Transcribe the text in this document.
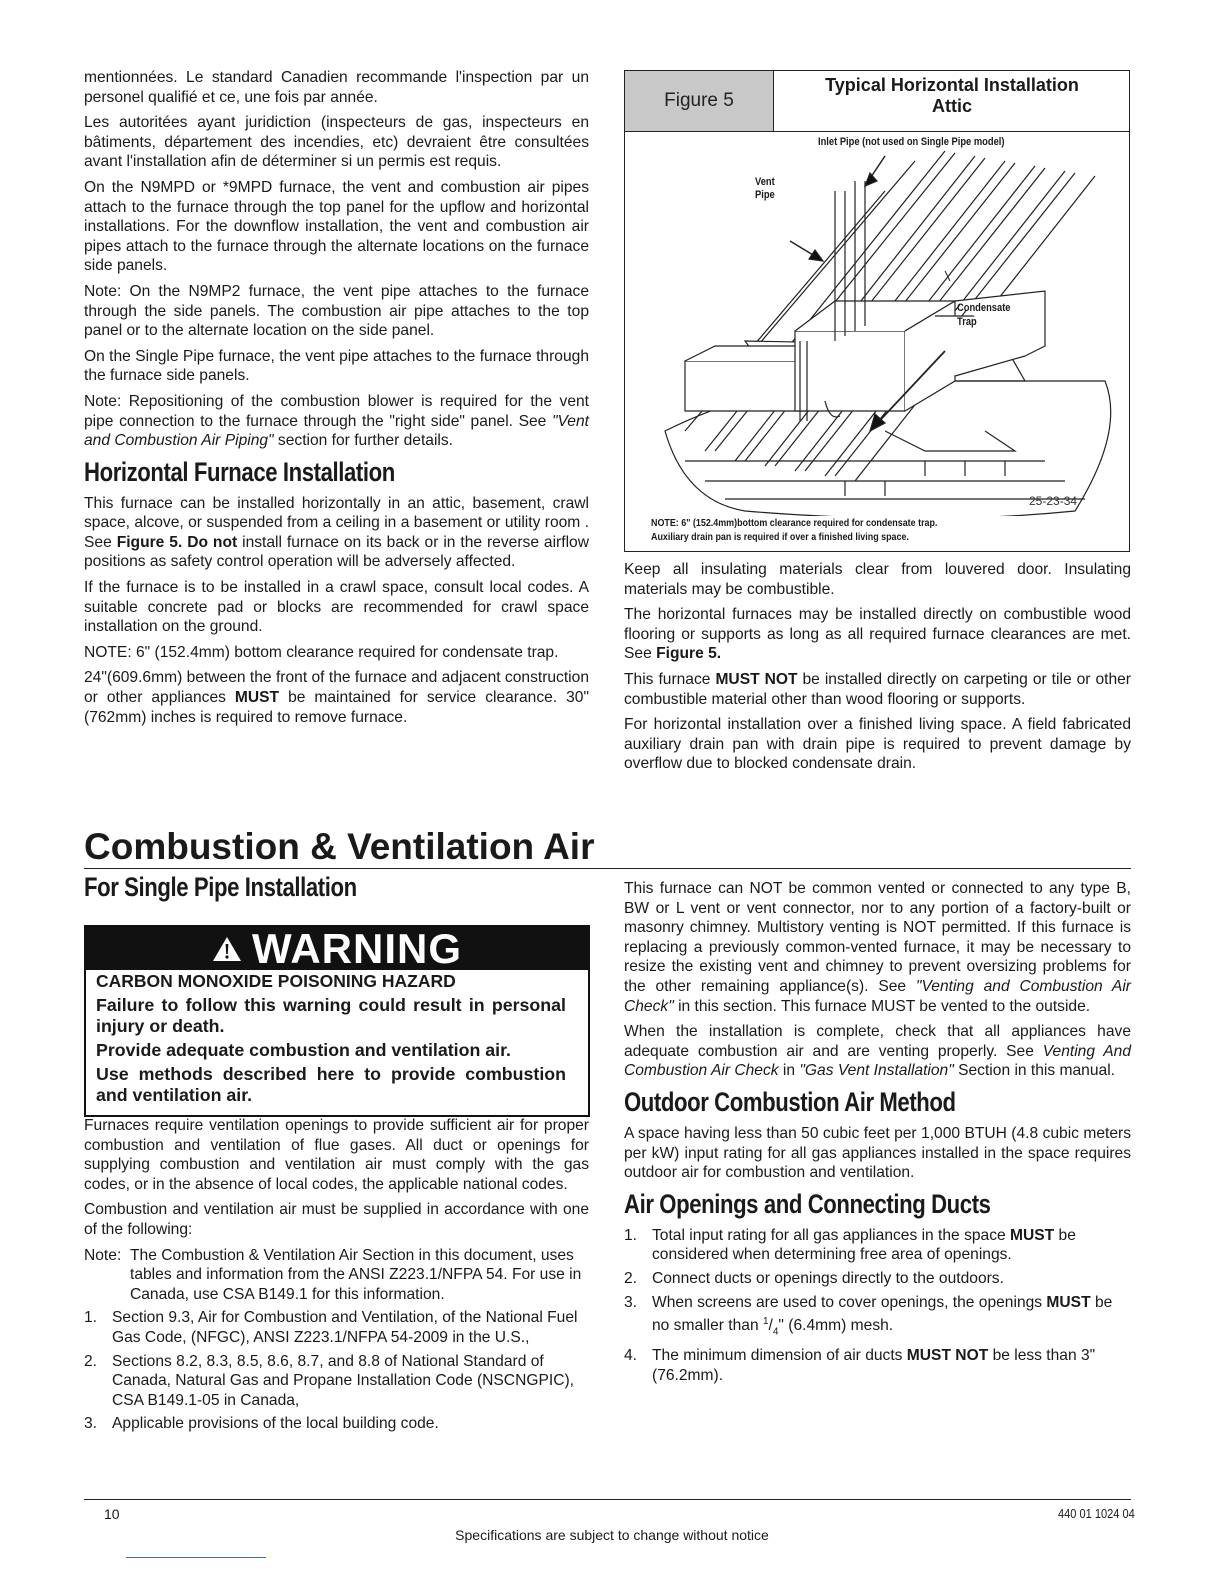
mentionnées. Le standard Canadien recommande l'inspection par un personel qualifié et ce, une fois par année.

Les autoritées ayant juridiction (inspecteurs de gas, inspecteurs en bâtiments, département des incendies, etc) devraient être consultées avant l'installation afin de déterminer si un permis est requis.

On the N9MPD or *9MPD furnace, the vent and combustion air pipes attach to the furnace through the top panel for the upflow and horizontal installations. For the downflow installation, the vent and combustion air pipes attach to the furnace through the alternate locations on the furnace side panels.

Note: On the N9MP2 furnace, the vent pipe attaches to the furnace through the side panels. The combustion air pipe attaches to the top panel or to the alternate location on the side panel.

On the Single Pipe furnace, the vent pipe attaches to the furnace through the furnace side panels.

Note: Repositioning of the combustion blower is required for the vent pipe connection to the furnace through the "right side" panel. See "Vent and Combustion Air Piping" section for further details.

Horizontal Furnace Installation

This furnace can be installed horizontally in an attic, basement, crawl space, alcove, or suspended from a ceiling in a basement or utility room . See Figure 5. Do not install furnace on its back or in the reverse airflow positions as safety control operation will be adversely affected.

If the furnace is to be installed in a crawl space, consult local codes. A suitable concrete pad or blocks are recommended for crawl space installation on the ground.

NOTE: 6" (152.4mm) bottom clearance required for condensate trap.

24"(609.6mm) between the front of the furnace and adjacent construction or other appliances MUST be maintained for service clearance. 30" (762mm) inches is required to remove furnace.

Figure 5
Typical Horizontal Installation
Attic
Inlet Pipe (not used on Single Pipe model)
Vent
Pipe
Condensate
Trap
25-23-34
NOTE: 6" (152.4mm)bottom clearance required for condensate trap.
Auxiliary drain pan is required if over a finished living space.

Keep all insulating materials clear from louvered door. Insulating materials may be combustible.

The horizontal furnaces may be installed directly on combustible wood flooring or supports as long as all required furnace clearances are met. See Figure 5.

This furnace MUST NOT be installed directly on carpeting or tile or other combustible material other than wood flooring or supports.

For horizontal installation over a finished living space. A field fabricated auxiliary drain pan with drain pipe is required to prevent damage by overflow due to blocked condensate drain.

Combustion & Ventilation Air
For Single Pipe Installation
WARNING
CARBON MONOXIDE POISONING HAZARD
Failure to follow this warning could result in personal injury or death.
Provide adequate combustion and ventilation air.
Use methods described here to provide combustion and ventilation air.

Furnaces require ventilation openings to provide sufficient air for proper combustion and ventilation of flue gases. All duct or openings for supplying combustion and ventilation air must comply with the gas codes, or in the absence of local codes, the applicable national codes.

Combustion and ventilation air must be supplied in accordance with one of the following:

Note: The Combustion & Ventilation Air Section in this document, uses tables and information from the ANSI Z223.1/NFPA 54. For use in Canada, use CSA B149.1 for this information.
1. Section 9.3, Air for Combustion and Ventilation, of the National Fuel Gas Code, (NFGC), ANSI Z223.1/NFPA 54-2009 in the U.S.,
2. Sections 8.2, 8.3, 8.5, 8.6, 8.7, and 8.8 of National Standard of Canada, Natural Gas and Propane Installation Code (NSCNGPIC), CSA B149.1-05 in Canada,
3. Applicable provisions of the local building code.

This furnace can NOT be common vented or connected to any type B, BW or L vent or vent connector, nor to any portion of a factory-built or masonry chimney. Multistory venting is NOT permitted. If this furnace is replacing a previously common-vented furnace, it may be necessary to resize the existing vent and chimney to prevent oversizing problems for the other remaining appliance(s). See "Venting and Combustion Air Check" in this section. This furnace MUST be vented to the outside.

When the installation is complete, check that all appliances have adequate combustion air and are venting properly. See Venting And Combustion Air Check in "Gas Vent Installation" Section in this manual.

Outdoor Combustion Air Method

A space having less than 50 cubic feet per 1,000 BTUH (4.8 cubic meters per kW) input rating for all gas appliances installed in the space requires outdoor air for combustion and ventilation.

Air Openings and Connecting Ducts
1. Total input rating for all gas appliances in the space MUST be considered when determining free area of openings.
2. Connect ducts or openings directly to the outdoors.
3. When screens are used to cover openings, the openings MUST be no smaller than $^1/_4$" (6.4mm) mesh.
4. The minimum dimension of air ducts MUST NOT be less than 3" (76.2mm).
10	440 01 1024 04
Specifications are subject to change without notice
